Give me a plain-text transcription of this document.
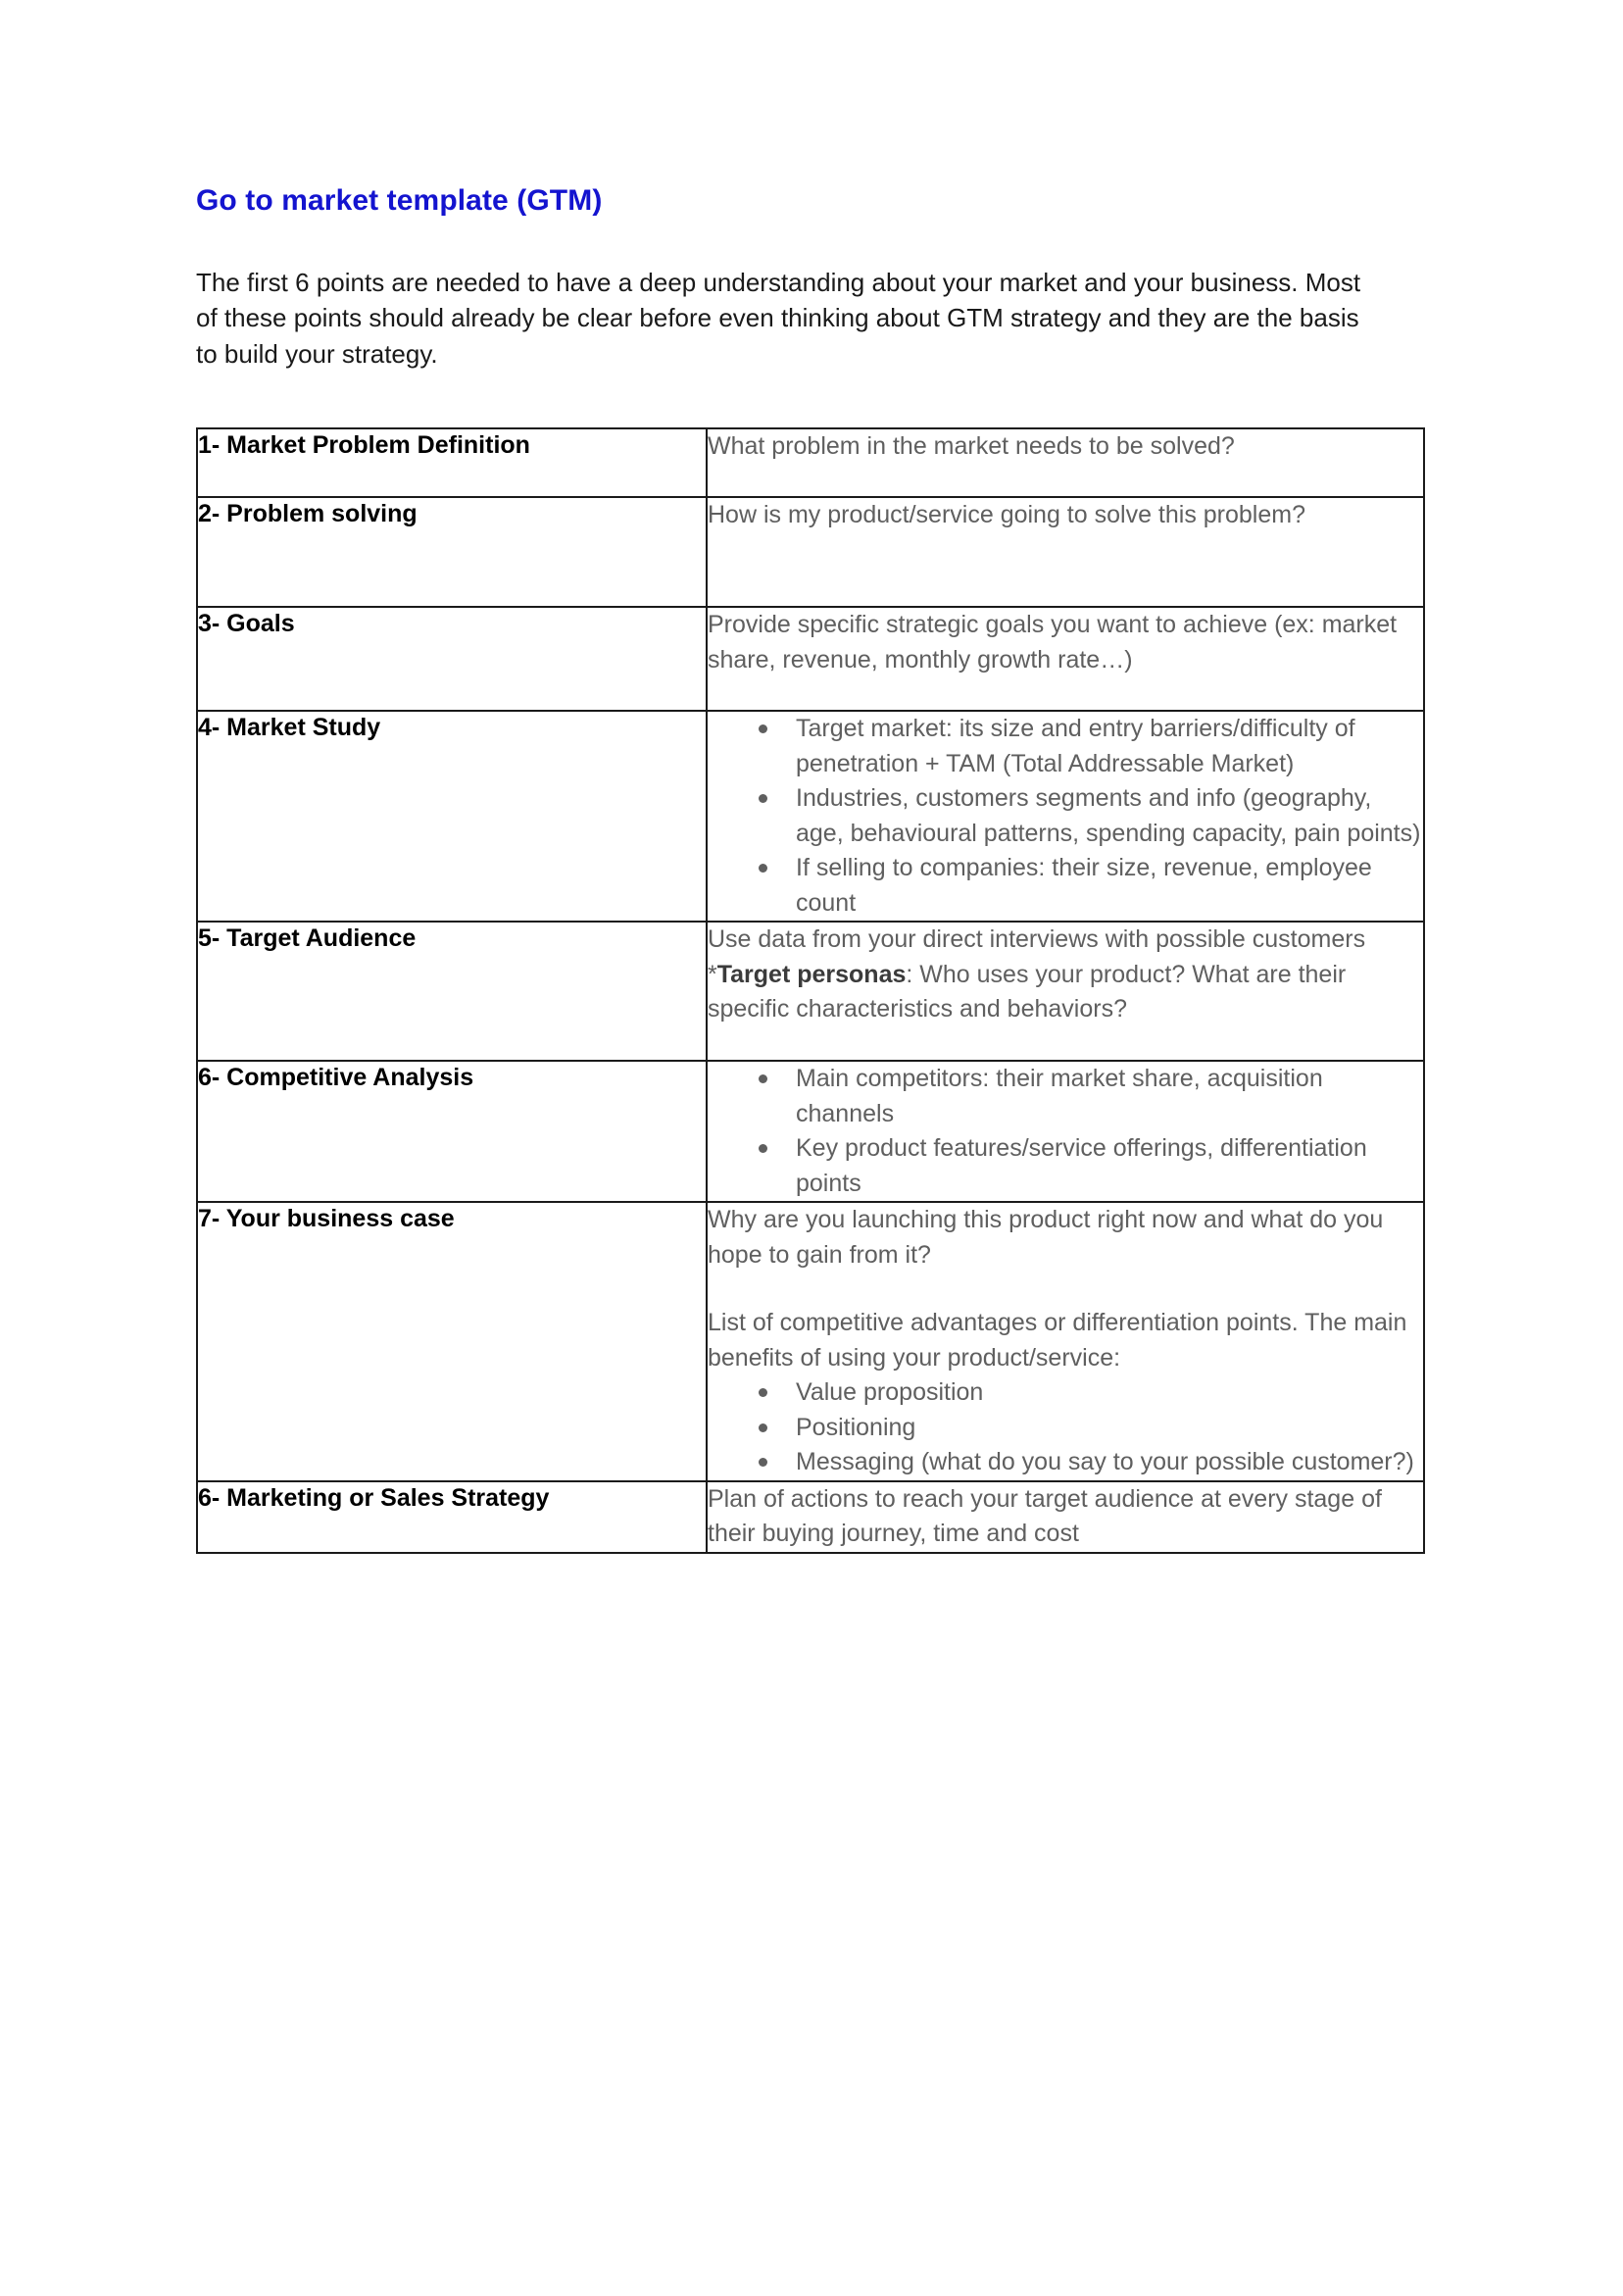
Go to market template (GTM)

The first 6 points are needed to have a deep understanding about your market and your business. Most of these points should already be clear before even thinking about GTM strategy and they are the basis to build your strategy.

1- Market Problem Definition	What problem in the market needs to be solved?

2- Problem solving	How is my product/service going to solve this problem?

3- Goals	Provide specific strategic goals you want to achieve (ex: market share, revenue, monthly growth rate…)

4- Market Study	Target market: its size and entry barriers/difficulty of penetration + TAM (Total Addressable Market)
Industries, customers segments and info (geography, age, behavioural patterns, spending capacity, pain points)
If selling to companies: their size, revenue, employee count

5- Target Audience	Use data from your direct interviews with possible customers
*Target personas: Who uses your product? What are their specific characteristics and behaviors?

6- Competitive Analysis	Main competitors: their market share, acquisition channels
Key product features/service offerings, differentiation points

7- Your business case	Why are you launching this product right now and what do you hope to gain from it?
List of competitive advantages or differentiation points. The main benefits of using your product/service:
Value proposition
Positioning
Messaging (what do you say to your possible customer?)

6- Marketing or Sales Strategy	Plan of actions to reach your target audience at every stage of their buying journey, time and cost
